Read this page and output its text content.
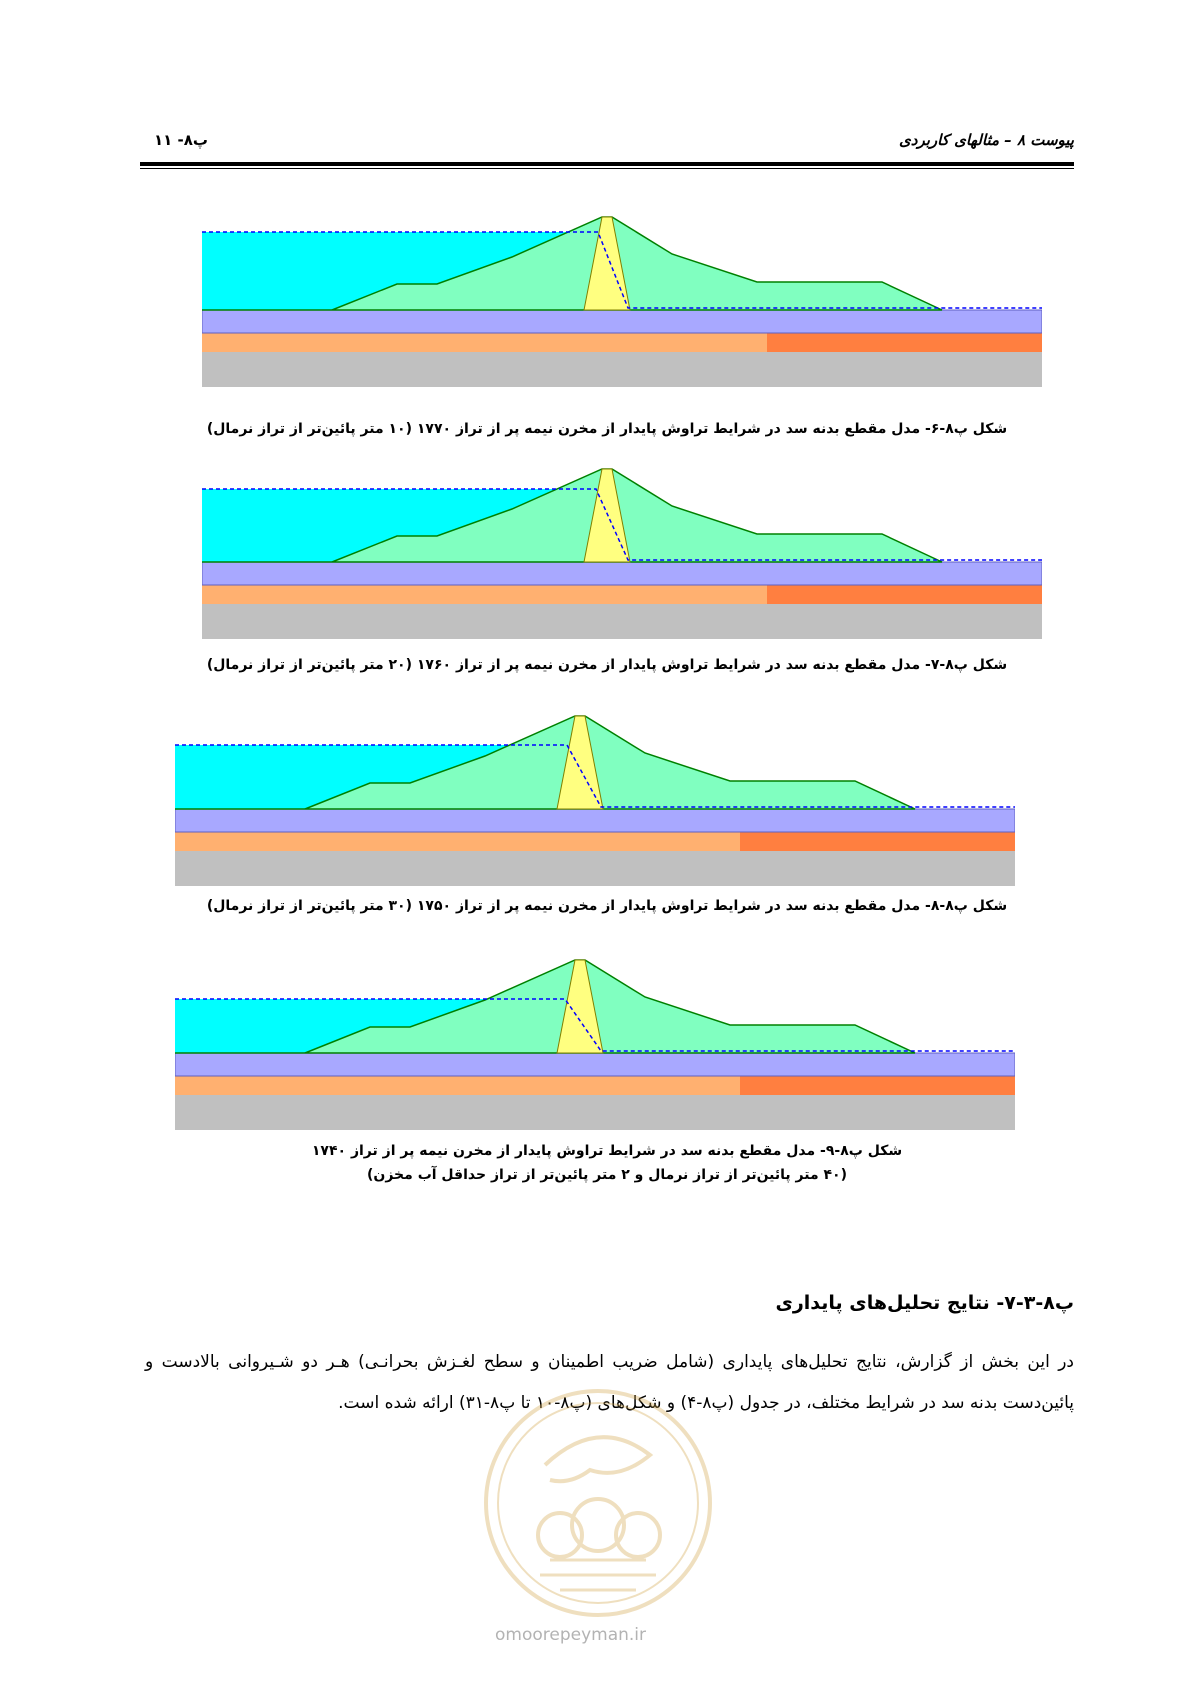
پیوست ۸ – مثالهای کاربردی
پ۸- ۱۱
شکل پ۸-۶- مدل مقطع بدنه سد در شرایط تراوش پایدار از مخرن نیمه پر از تراز ۱۷۷۰ (۱۰ متر پائین‌تر از تراز نرمال)
شکل پ۸-۷- مدل مقطع بدنه سد در شرایط تراوش پایدار از مخرن نیمه پر از تراز ۱۷۶۰ (۲۰ متر پائین‌تر از تراز نرمال)
شکل پ۸-۸- مدل مقطع بدنه سد در شرایط تراوش پایدار از مخرن نیمه پر از تراز ۱۷۵۰ (۳۰ متر پائین‌تر از تراز نرمال)
شکل پ۸-۹- مدل مقطع بدنه سد در شرایط تراوش پایدار از مخرن نیمه پر از تراز ۱۷۴۰
(۴۰ متر پائین‌تر از تراز نرمال و ۲ متر پائین‌تر از تراز حداقل آب مخزن)
پ۸-۳-۷- نتایج تحلیل‌های پایداری
در این بخش از گزارش، نتایج تحلیل‌های پایداری (شامل ضریب اطمینان و سطح لغـزش بحرانـی) هـر دو شـیروانی بالادست و پائین‌دست بدنه سد در شرایط مختلف، در جدول (پ۸-۴) و شکل‌های (پ۸-۱۰ تا پ۸-۳۱) ارائه شده است.
omoorepeyman.ir
